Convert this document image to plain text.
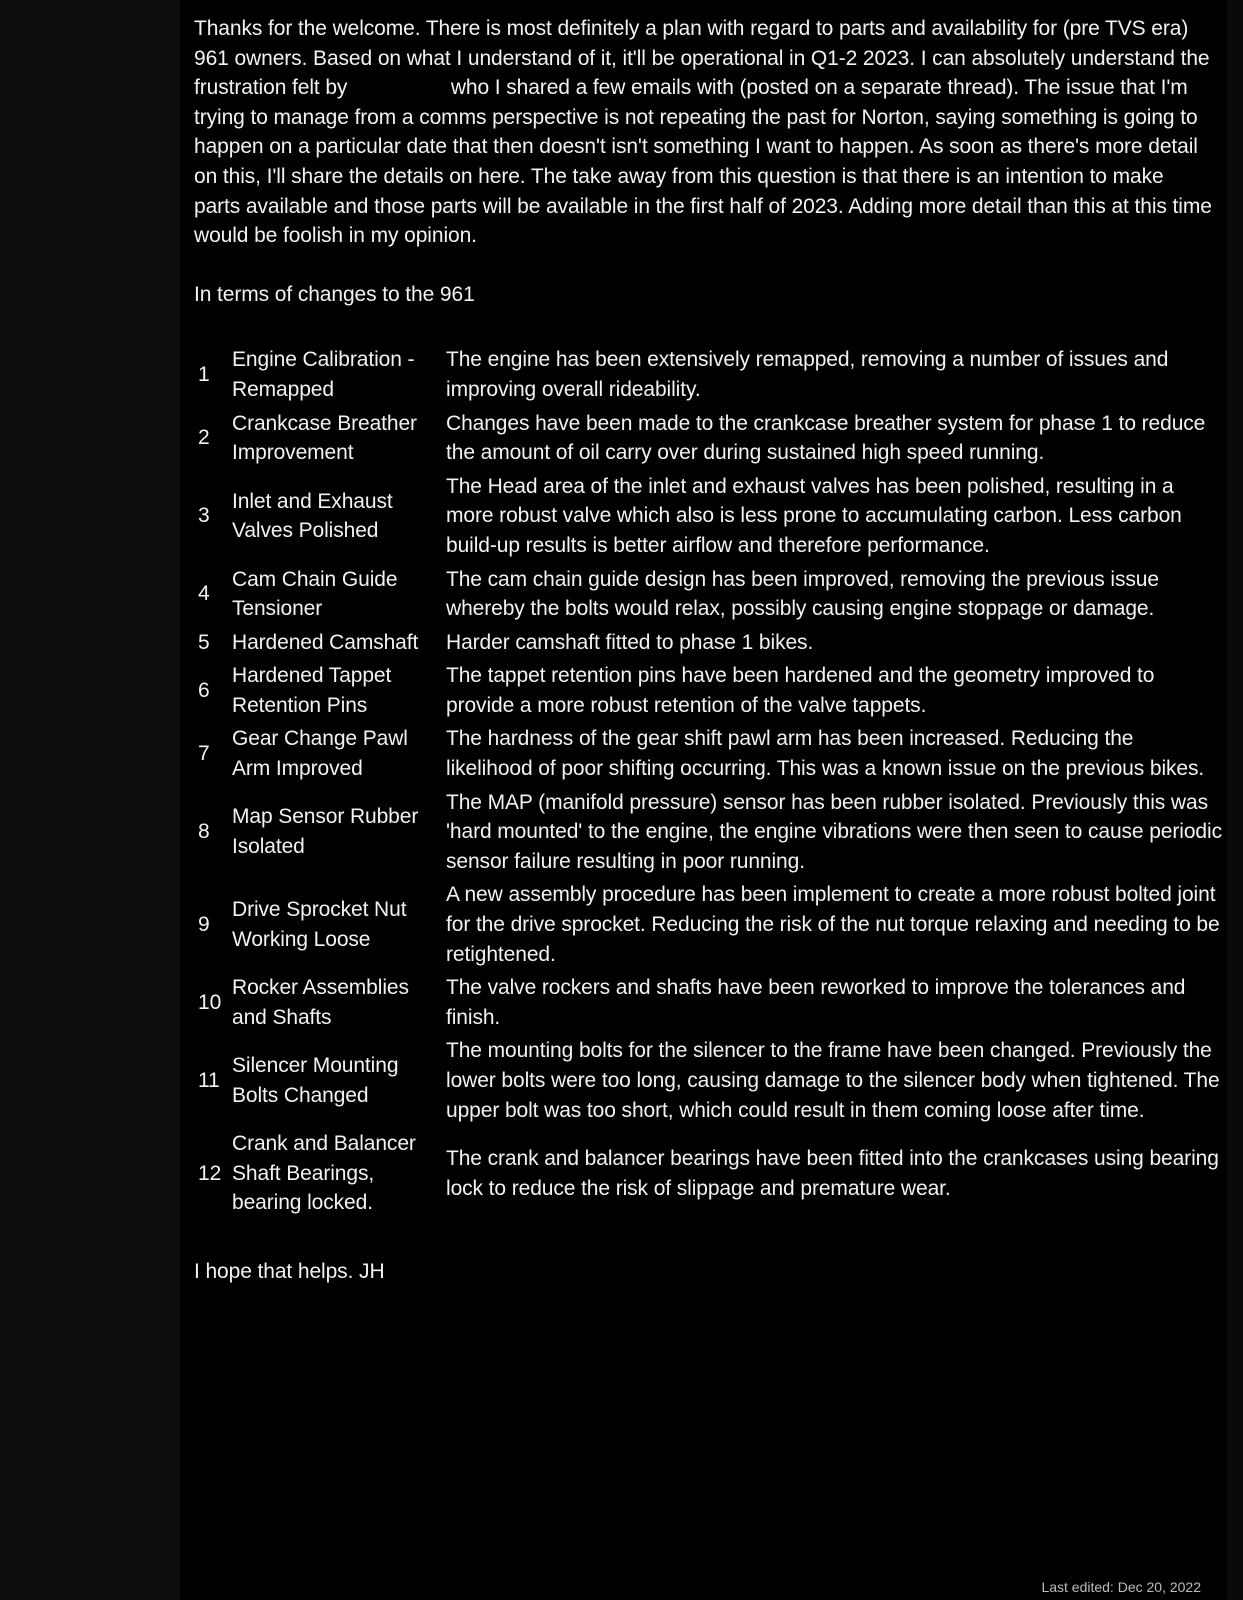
Thanks for the welcome. There is most definitely a plan with regard to parts and availability for (pre TVS era) 961 owners. Based on what I understand of it, it'll be operational in Q1-2 2023. I can absolutely understand the frustration felt by	who I shared a few emails with (posted on a separate thread). The issue that I'm trying to manage from a comms perspective is not repeating the past for Norton, saying something is going to happen on a particular date that then doesn't isn't something I want to happen. As soon as there's more detail on this, I'll share the details on here. The take away from this question is that there is an intention to make parts available and those parts will be available in the first half of 2023. Adding more detail than this at this time would be foolish in my opinion.

In terms of changes to the 961

1	Engine Calibration - Remapped	The engine has been extensively remapped, removing a number of issues and improving overall rideability.
2	Crankcase Breather Improvement	Changes have been made to the crankcase breather system for phase 1 to reduce the amount of oil carry over during sustained high speed running.
3	Inlet and Exhaust Valves Polished	The Head area of the inlet and exhaust valves has been polished, resulting in a more robust valve which also is less prone to accumulating carbon. Less carbon build-up results is better airflow and therefore performance.
4	Cam Chain Guide Tensioner	The cam chain guide design has been improved, removing the previous issue whereby the bolts would relax, possibly causing engine stoppage or damage.
5	Hardened Camshaft	Harder camshaft fitted to phase 1 bikes.
6	Hardened Tappet Retention Pins	The tappet retention pins have been hardened and the geometry improved to provide a more robust retention of the valve tappets.
7	Gear Change Pawl Arm Improved	The hardness of the gear shift pawl arm has been increased. Reducing the likelihood of poor shifting occurring. This was a known issue on the previous bikes.
8	Map Sensor Rubber Isolated	The MAP (manifold pressure) sensor has been rubber isolated. Previously this was 'hard mounted' to the engine, the engine vibrations were then seen to cause periodic sensor failure resulting in poor running.
9	Drive Sprocket Nut Working Loose	A new assembly procedure has been implement to create a more robust bolted joint for the drive sprocket. Reducing the risk of the nut torque relaxing and needing to be retightened.
10	Rocker Assemblies and Shafts	The valve rockers and shafts have been reworked to improve the tolerances and finish.
11	Silencer Mounting Bolts Changed	The mounting bolts for the silencer to the frame have been changed. Previously the lower bolts were too long, causing damage to the silencer body when tightened. The upper bolt was too short, which could result in them coming loose after time.
12	Crank and Balancer Shaft Bearings, bearing locked.	The crank and balancer bearings have been fitted into the crankcases using bearing lock to reduce the risk of slippage and premature wear.

I hope that helps. JH

Last edited: Dec 20, 2022
